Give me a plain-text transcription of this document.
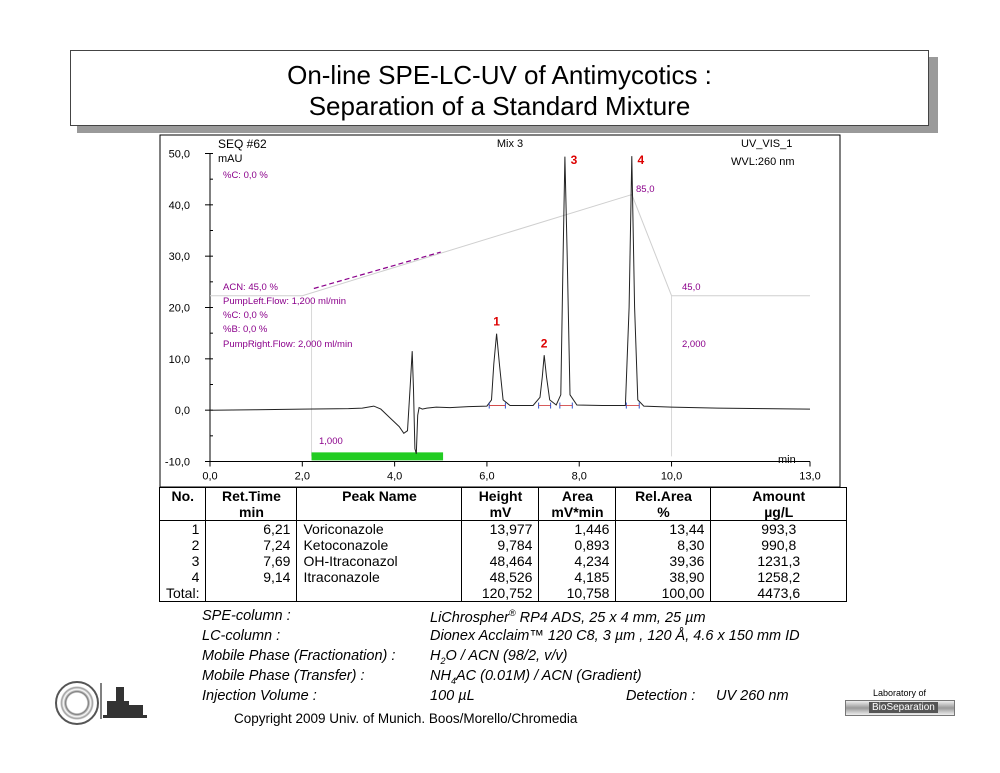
On-line SPE-LC-UV of Antimycotics :
Separation of a Standard Mixture
-10,0
0,0
10,0
20,0
30,0
40,0
50,0
0,0	2,0	4,0	6,0	8,0	10,0	13,0
1
2
3	4
SEQ #62	Mix 3	UV_VIS_1
mAU	WVL:260 nm
min
%C: 0,0 %
ACN: 45,0 %
PumpLeft.Flow: 1,200 ml/min
%C: 0,0 %
%B: 0,0 %
PumpRight.Flow: 2,000 ml/min
85,0
45,0
2,000
1,000
No.	Ret.Time	Peak Name	Height	Area	Rel.Area	Amount
	min		mV	mV*min	%	µg/L
1	6,21	Voriconazole	13,977	1,446	13,44	993,3
2	7,24	Ketoconazole	9,784	0,893	8,30	990,8
3	7,69	OH-Itraconazol	48,464	4,234	39,36	1231,3
4	9,14	Itraconazole	48,526	4,185	38,90	1258,2
Total:			120,752	10,758	100,00	4473,6
SPE-column :	LiChrospher® RP4 ADS, 25 x 4 mm, 25 µm
LC-column :	Dionex Acclaim™ 120 C8, 3 µm , 120 Å, 4.6 x 150 mm ID
Mobile Phase (Fractionation) : $H_2O$ / ACN (98/2, v/v)
Mobile Phase (Transfer) :	$NH_4AC$ (0.01M) / ACN (Gradient)
Injection Volume :	100 µL	Detection : UV 260 nm
Copyright 2009 Univ. of Munich. Boos/Morello/Chromedia
Laboratory of
BioSeparation
